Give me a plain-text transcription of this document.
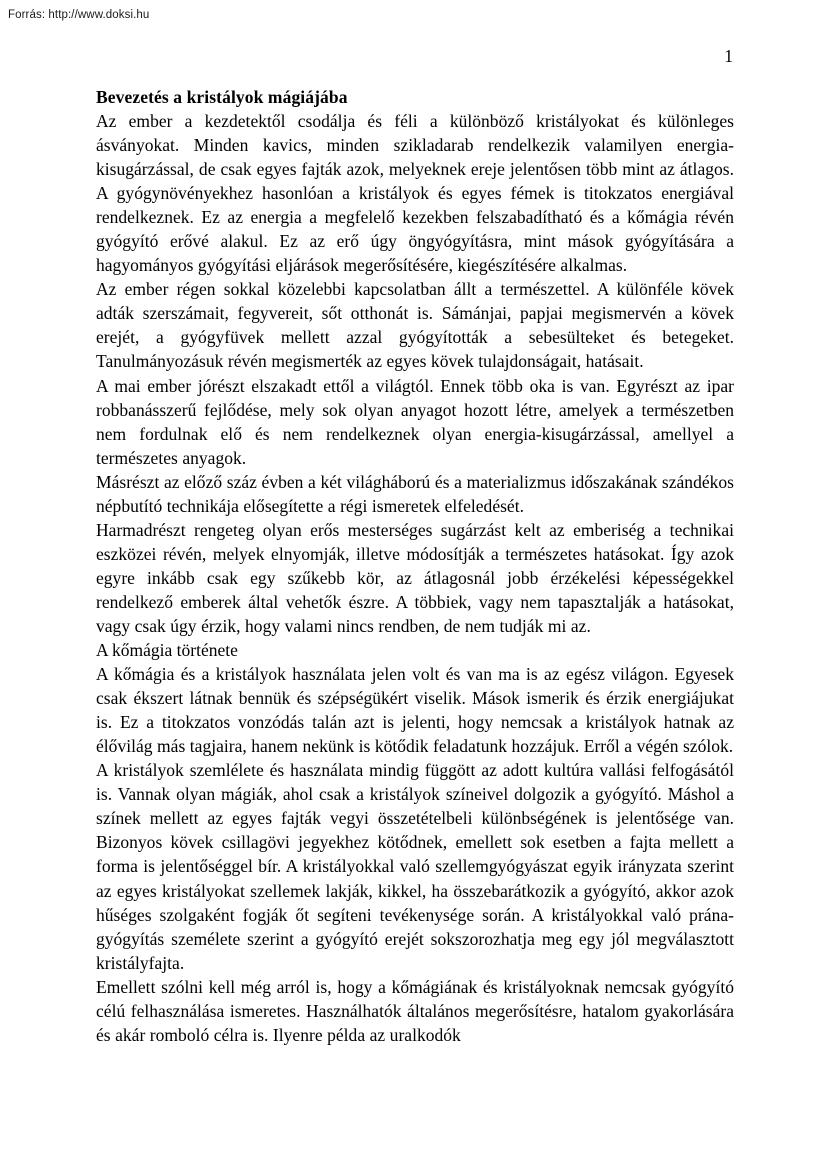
Forrás: http://www.doksi.hu
1
Bevezetés a kristályok mágiájába

Az ember a kezdetektől csodálja és féli a különböző kristályokat és különleges ásványokat. Minden kavics, minden szikladarab rendelkezik valamilyen energia-kisugárzással, de csak egyes fajták azok, melyeknek ereje jelentősen több mint az átlagos. A gyógynövényekhez hasonlóan a kristályok és egyes fémek is titokzatos energiával rendelkeznek. Ez az energia a megfelelő kezekben felszabadítható és a kőmágia révén gyógyító erővé alakul. Ez az erő úgy öngyógyításra, mint mások gyógyítására a hagyományos gyógyítási eljárások megerősítésére, kiegészítésére alkalmas.

Az ember régen sokkal közelebbi kapcsolatban állt a természettel. A különféle kövek adták szerszámait, fegyvereit, sőt otthonát is. Sámánjai, papjai megismervén a kövek erejét, a gyógyfüvek mellett azzal gyógyították a sebesülteket és betegeket. Tanulmányozásuk révén megismerték az egyes kövek tulajdonságait, hatásait.

A mai ember jórészt elszakadt ettől a világtól. Ennek több oka is van. Egyrészt az ipar robbanásszerű fejlődése, mely sok olyan anyagot hozott létre, amelyek a természetben nem fordulnak elő és nem rendelkeznek olyan energia-kisugárzással, amellyel a természetes anyagok.

Másrészt az előző száz évben a két világháború és a materializmus időszakának szándékos népbutító technikája elősegítette a régi ismeretek elfeledését.

Harmadrészt rengeteg olyan erős mesterséges sugárzást kelt az emberiség a technikai eszközei révén, melyek elnyomják, illetve módosítják a természetes hatásokat. Így azok egyre inkább csak egy szűkebb kör, az átlagosnál jobb érzékelési képességekkel rendelkező emberek által vehetők észre. A többiek, vagy nem tapasztalják a hatásokat, vagy csak úgy érzik, hogy valami nincs rendben, de nem tudják mi az.

A kőmágia története

A kőmágia és a kristályok használata jelen volt és van ma is az egész világon. Egyesek csak ékszert látnak bennük és szépségükért viselik. Mások ismerik és érzik energiájukat is. Ez a titokzatos vonzódás talán azt is jelenti, hogy nemcsak a kristályok hatnak az élővilág más tagjaira, hanem nekünk is kötődik feladatunk hozzájuk. Erről a végén szólok.

A kristályok szemlélete és használata mindig függött az adott kultúra vallási felfogásától is. Vannak olyan mágiák, ahol csak a kristályok színeivel dolgozik a gyógyító. Máshol a színek mellett az egyes fajták vegyi összetételbeli különbségének is jelentősége van. Bizonyos kövek csillagövi jegyekhez kötődnek, emellett sok esetben a fajta mellett a forma is jelentőséggel bír. A kristályokkal való szellemgyógyászat egyik irányzata szerint az egyes kristályokat szellemek lakják, kikkel, ha összebarátkozik a gyógyító, akkor azok hűséges szolgaként fogják őt segíteni tevékenysége során. A kristályokkal való prána-gyógyítás személete szerint a gyógyító erejét sokszorozhatja meg egy jól megválasztott kristályfajta.

Emellett szólni kell még arról is, hogy a kőmágiának és kristályoknak nemcsak gyógyító célú felhasználása ismeretes. Használhatók általános megerősítésre, hatalom gyakorlására és akár romboló célra is. Ilyenre példa az uralkodók
